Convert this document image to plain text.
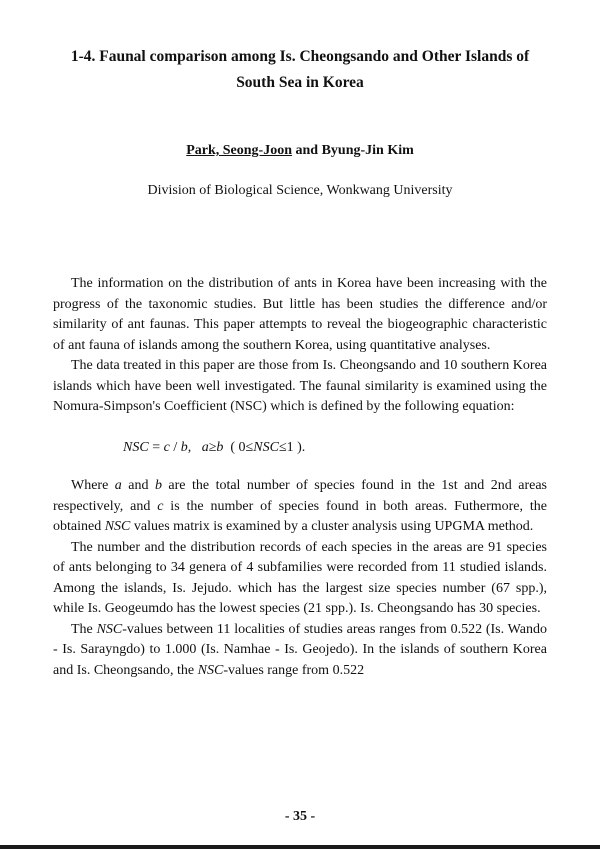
1-4. Faunal comparison among Is. Cheongsando and Other Islands of
South Sea in Korea
Park, Seong-Joon and Byung-Jin Kim
Division of Biological Science, Wonkwang University

The information on the distribution of ants in Korea have been increasing with the progress of the taxonomic studies. But little has been studies the difference and/or similarity of ant faunas. This paper attempts to reveal the biogeographic characteristic of ant fauna of islands among the southern Korea, using quantitative analyses.

The data treated in this paper are those from Is. Cheongsando and 10 southern Korea islands which have been well investigated. The faunal similarity is examined using the Nomura-Simpson's Coefficient (NSC) which is defined by the following equation:

NSC = c / b,   a≥b  ( 0≤NSC≤1 ).

Where a and b are the total number of species found in the 1st and 2nd areas respectively, and c is the number of species found in both areas. Futhermore, the obtained NSC values matrix is examined by a cluster analysis using UPGMA method.

The number and the distribution records of each species in the areas are 91 species of ants belonging to 34 genera of 4 subfamilies were recorded from 11 studied islands. Among the islands, Is. Jejudo. which has the largest size species number (67 spp.), while Is. Geogeumdo has the lowest species (21 spp.). Is. Cheongsando has 30 species.

The NSC-values between 11 localities of studies areas ranges from 0.522 (Is. Wando - Is. Sarayngdo) to 1.000 (Is. Namhae - Is. Geojedo). In the islands of southern Korea and Is. Cheongsando, the NSC-values range from 0.522

- 35 -
